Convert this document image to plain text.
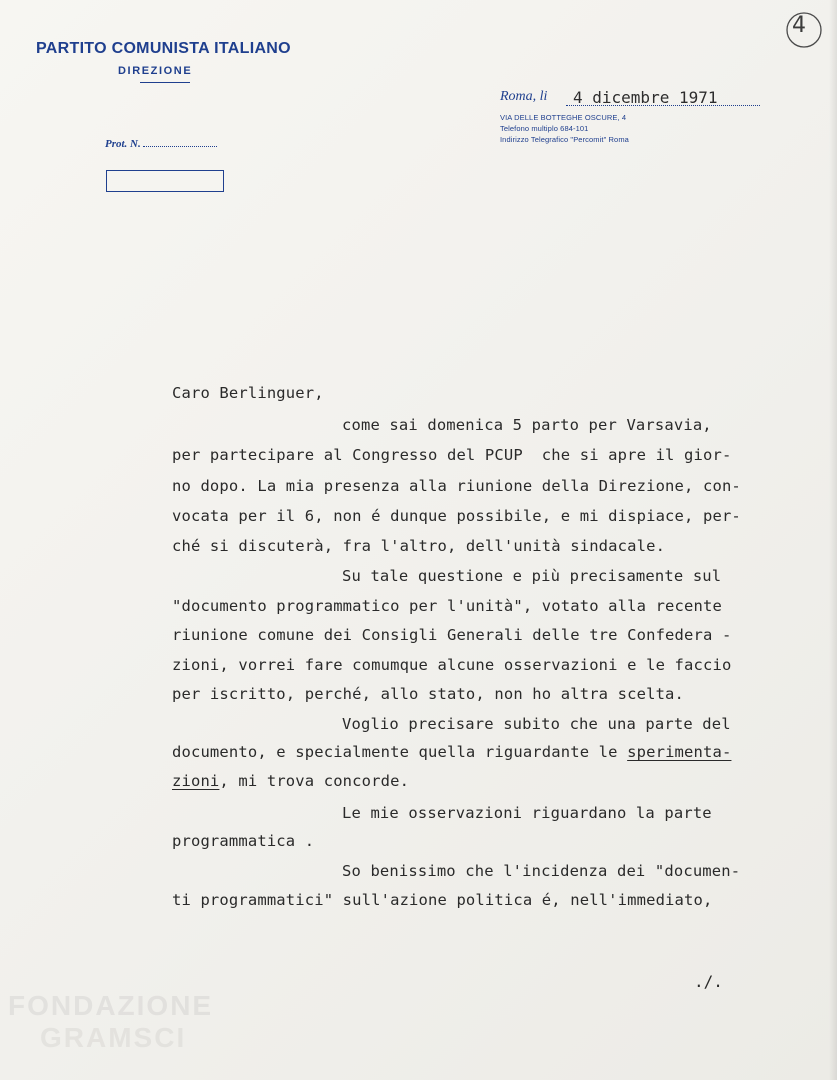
PARTITO COMUNISTA ITALIANO
DIREZIONE
Prot. N.
Roma, li 4 dicembre 1971
VIA DELLE BOTTEGHE OSCURE, 4
Telefono multiplo 684-101
Indirizzo Telegrafico "Percomit" Roma
4
Caro Berlinguer,
come sai domenica 5 parto per Varsavia,
per partecipare al Congresso del PCUP  che si apre il gior-
no dopo. La mia presenza alla riunione della Direzione, con-
vocata per il 6, non é dunque possibile, e mi dispiace, per-
ché si discuterà, fra l'altro, dell'unità sindacale.
Su tale questione e più precisamente sul
"documento programmatico per l'unità", votato alla recente
riunione comune dei Consigli Generali delle tre Confedera -
zioni, vorrei fare comumque alcune osservazioni e le faccio
per iscritto, perché, allo stato, non ho altra scelta.
Voglio precisare subito che una parte del
documento, e specialmente quella riguardante le sperimenta-
zioni, mi trova concorde.
Le mie osservazioni riguardano la parte
programmatica .
So benissimo che l'incidenza dei "documen-
ti programmatici" sull'azione politica é, nell'immediato,
./.
FONDAZIONE
GRAMSCI
